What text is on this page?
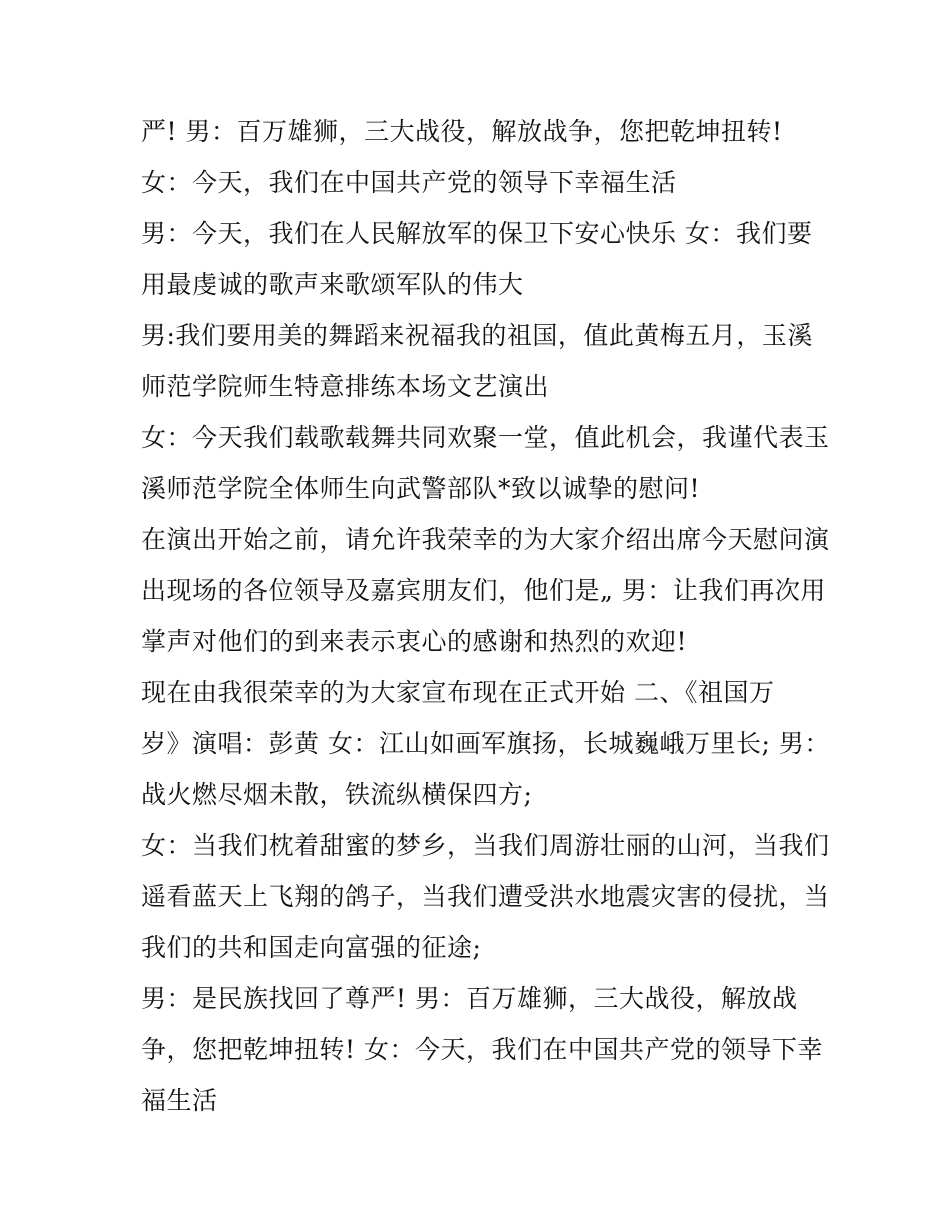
严! 男：百万雄狮，三大战役，解放战争，您把乾坤扭转!
女：今天，我们在中国共产党的领导下幸福生活
男：今天，我们在人民解放军的保卫下安心快乐 女：我们要
用最虔诚的歌声来歌颂军队的伟大
男:我们要用美的舞蹈来祝福我的祖国，值此黄梅五月，玉溪
师范学院师生特意排练本场文艺演出
女：今天我们载歌载舞共同欢聚一堂，值此机会，我谨代表玉
溪师范学院全体师生向武警部队*致以诚挚的慰问!
在演出开始之前，请允许我荣幸的为大家介绍出席今天慰问演
出现场的各位领导及嘉宾朋友们，他们是„ 男：让我们再次用
掌声对他们的到来表示衷心的感谢和热烈的欢迎!
现在由我很荣幸的为大家宣布现在正式开始 二、《祖国万
岁》演唱：彭黄 女：江山如画军旗扬，长城巍峨万里长; 男：
战火燃尽烟未散，铁流纵横保四方;
女：当我们枕着甜蜜的梦乡，当我们周游壮丽的山河，当我们
遥看蓝天上飞翔的鸽子，当我们遭受洪水地震灾害的侵扰，当
我们的共和国走向富强的征途;
男：是民族找回了尊严! 男：百万雄狮，三大战役，解放战
争，您把乾坤扭转! 女：今天，我们在中国共产党的领导下幸
福生活
